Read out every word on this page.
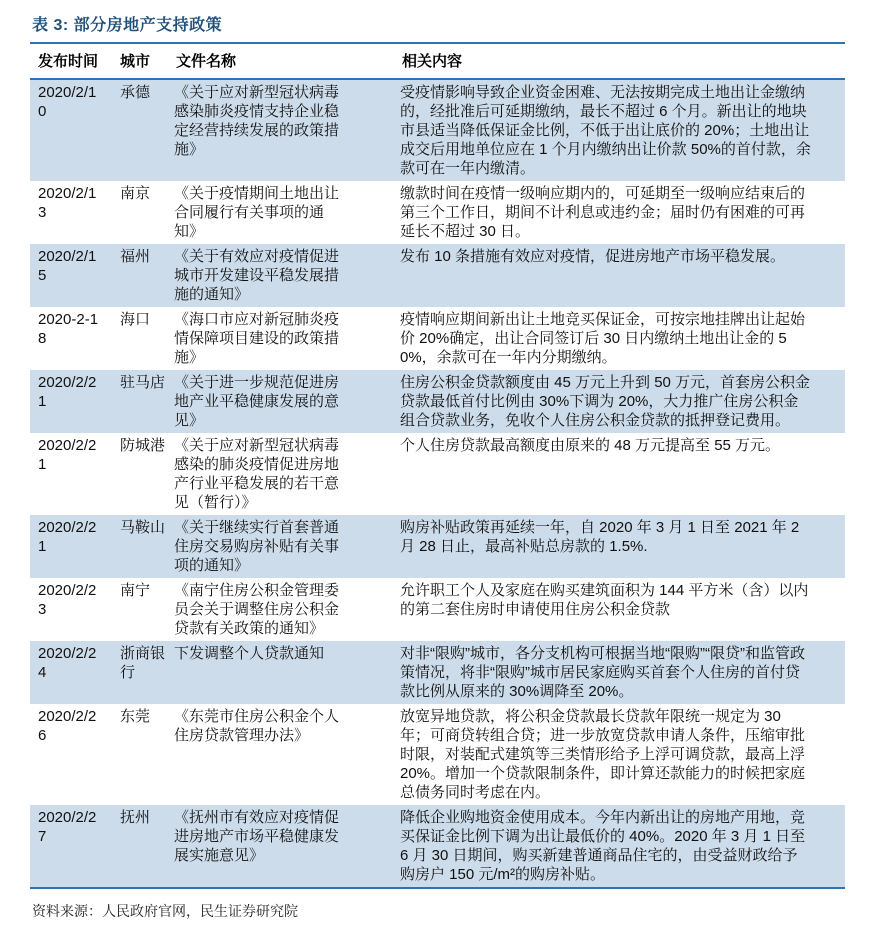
表 3: 部分房地产支持政策
发布时间	城市	文件名称	相关内容
2020/2/10	承德	《关于应对新型冠状病毒感染肺炎疫情支持企业稳定经营持续发展的政策措施》	受疫情影响导致企业资金困难、无法按期完成土地出让金缴纳的，经批准后可延期缴纳，最长不超过 6 个月。新出让的地块市县适当降低保证金比例，不低于出让底价的 20%；土地出让成交后用地单位应在 1 个月内缴纳出让价款 50%的首付款，余款可在一年内缴清。
2020/2/13	南京	《关于疫情期间土地出让合同履行有关事项的通知》	缴款时间在疫情一级响应期内的，可延期至一级响应结束后的第三个工作日，期间不计利息或违约金；届时仍有困难的可再延长不超过 30 日。
2020/2/15	福州	《关于有效应对疫情促进城市开发建设平稳发展措施的通知》	发布 10 条措施有效应对疫情，促进房地产市场平稳发展。
2020-2-18	海口	《海口市应对新冠肺炎疫情保障项目建设的政策措施》	疫情响应期间新出让土地竞买保证金，可按宗地挂牌出让起始价 20%确定，出让合同签订后 30 日内缴纳土地出让金的 50%，余款可在一年内分期缴纳。
2020/2/21	驻马店	《关于进一步规范促进房地产业平稳健康发展的意见》	住房公积金贷款额度由 45 万元上升到 50 万元，首套房公积金贷款最低首付比例由 30%下调为 20%，大力推广住房公积金组合贷款业务，免收个人住房公积金贷款的抵押登记费用。
2020/2/21	防城港	《关于应对新型冠状病毒感染的肺炎疫情促进房地产行业平稳发展的若干意见（暂行）》	个人住房贷款最高额度由原来的 48 万元提高至 55 万元。
2020/2/21	马鞍山	《关于继续实行首套普通住房交易购房补贴有关事项的通知》	购房补贴政策再延续一年，自 2020 年 3 月 1 日至 2021 年 2 月 28 日止，最高补贴总房款的 1.5%.
2020/2/23	南宁	《南宁住房公积金管理委员会关于调整住房公积金贷款有关政策的通知》	允许职工个人及家庭在购买建筑面积为 144 平方米（含）以内的第二套住房时申请使用住房公积金贷款
2020/2/24	浙商银行	下发调整个人贷款通知	对非“限购”城市，各分支机构可根据当地“限购”“限贷”和监管政策情况，将非“限购”城市居民家庭购买首套个人住房的首付贷款比例从原来的 30%调降至 20%。
2020/2/26	东莞	《东莞市住房公积金个人住房贷款管理办法》	放宽异地贷款，将公积金贷款最长贷款年限统一规定为 30 年；可商贷转组合贷；进一步放宽贷款申请人条件，压缩审批时限，对装配式建筑等三类情形给予上浮可调贷款，最高上浮 20%。增加一个贷款限制条件，即计算还款能力的时候把家庭总债务同时考虑在内。
2020/2/27	抚州	《抚州市有效应对疫情促进房地产市场平稳健康发展实施意见》	降低企业购地资金使用成本。今年内新出让的房地产用地，竞买保证金比例下调为出让最低价的 40%。2020 年 3 月 1 日至 6 月 30 日期间，购买新建普通商品住宅的，由受益财政给予购房户 150 元/m²的购房补贴。
资料来源：人民政府官网，民生证券研究院
